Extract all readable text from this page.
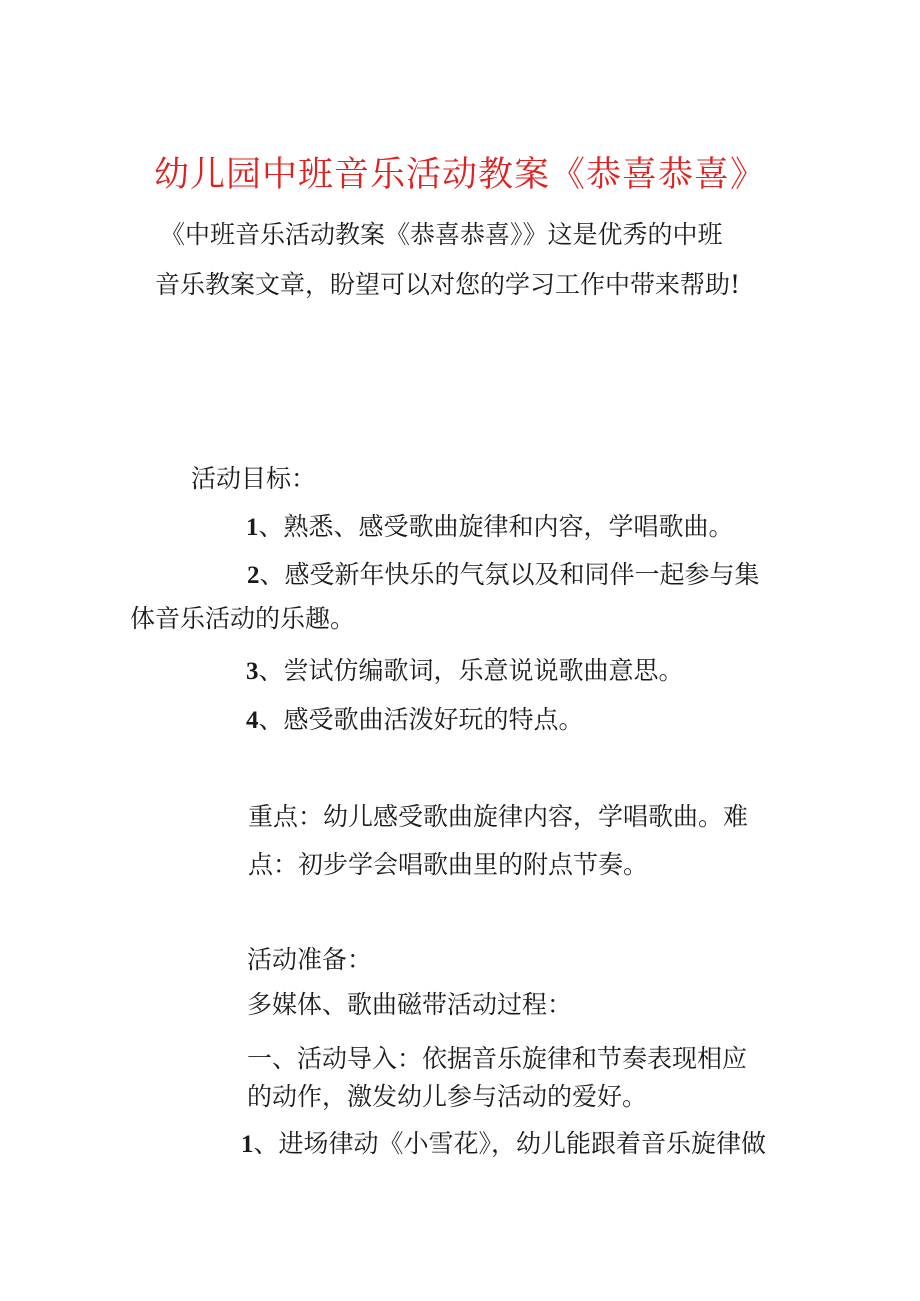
幼儿园中班音乐活动教案《恭喜恭喜》
《中班音乐活动教案《恭喜恭喜》》这是优秀的中班
音乐教案文章，盼望可以对您的学习工作中带来帮助!
活动目标：
1、熟悉、感受歌曲旋律和内容，学唱歌曲。
2、感受新年快乐的气氛以及和同伴一起参与集
体音乐活动的乐趣。
3、尝试仿编歌词，乐意说说歌曲意思。
4、感受歌曲活泼好玩的特点。
重点：幼儿感受歌曲旋律内容，学唱歌曲。难
点：初步学会唱歌曲里的附点节奏。
活动准备：
多媒体、歌曲磁带活动过程：
一、活动导入：依据音乐旋律和节奏表现相应
的动作，激发幼儿参与活动的爱好。
1、进场律动《小雪花》，幼儿能跟着音乐旋律做
